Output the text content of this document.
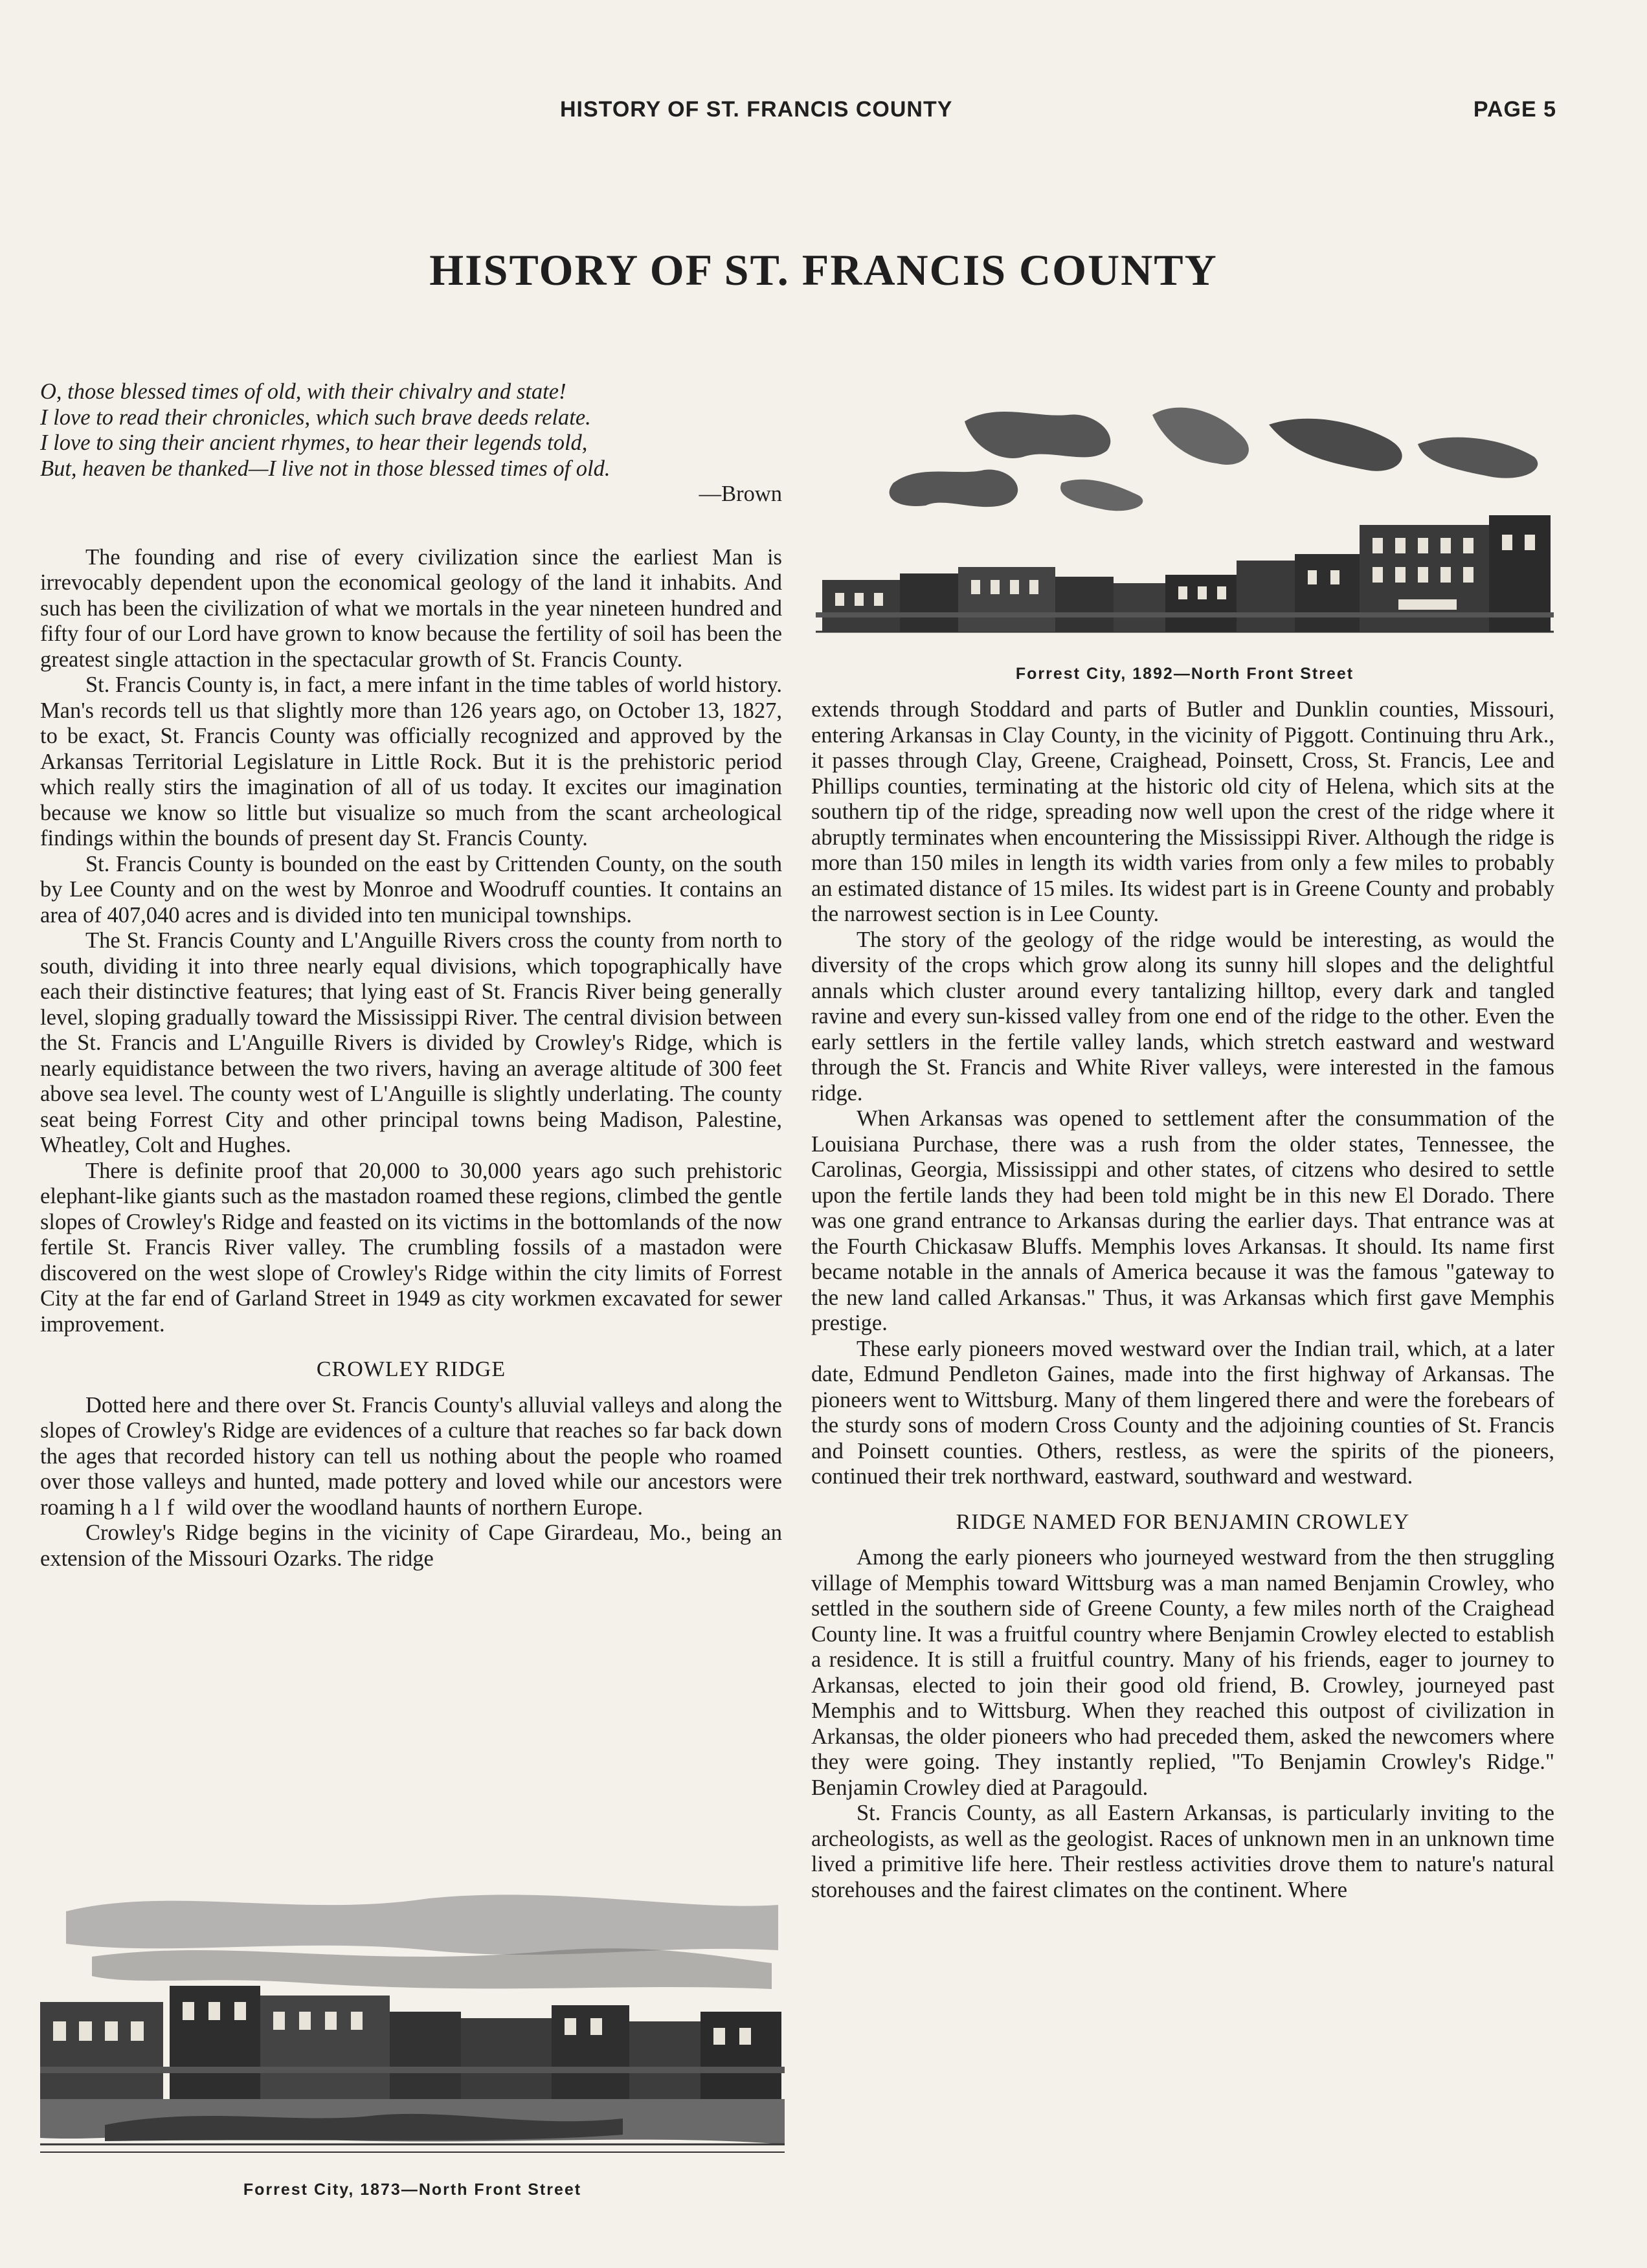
HISTORY OF ST. FRANCIS COUNTY	PAGE 5
HISTORY OF ST. FRANCIS COUNTY
O, those blessed times of old, with their chivalry and state!
I love to read their chronicles, which such brave deeds relate.
I love to sing their ancient rhymes, to hear their legends told,
But, heaven be thanked—I live not in those blessed times of old.
—Brown

The founding and rise of every civilization since the earliest Man is irrevocably dependent upon the economical geology of the land it inhabits. And such has been the civilization of what we mortals in the year nineteen hundred and fifty four of our Lord have grown to know because the fertility of soil has been the greatest single attaction in the spectacular growth of St. Francis County.

St. Francis County is, in fact, a mere infant in the time tables of world history. Man's records tell us that slightly more than 126 years ago, on October 13, 1827, to be exact, St. Francis County was officially recognized and approved by the Arkansas Territorial Legislature in Little Rock. But it is the prehistoric period which really stirs the imagination of all of us today. It excites our imagination because we know so little but visualize so much from the scant archeological findings within the bounds of present day St. Francis County.

St. Francis County is bounded on the east by Crittenden County, on the south by Lee County and on the west by Monroe and Woodruff counties. It contains an area of 407,040 acres and is divided into ten municipal townships.

The St. Francis County and L'Anguille Rivers cross the county from north to south, dividing it into three nearly equal divisions, which topographically have each their distinctive features; that lying east of St. Francis River being generally level, sloping gradually toward the Mississippi River. The central division between the St. Francis and L'Anguille Rivers is divided by Crowley's Ridge, which is nearly equidistance between the two rivers, having an average altitude of 300 feet above sea level. The county west of L'Anguille is slightly underlating. The county seat being Forrest City and other principal towns being Madison, Palestine, Wheatley, Colt and Hughes.

There is definite proof that 20,000 to 30,000 years ago such prehistoric elephant-like giants such as the mastadon roamed these regions, climbed the gentle slopes of Crowley's Ridge and feasted on its victims in the bottomlands of the now fertile St. Francis River valley. The crumbling fossils of a mastadon were discovered on the west slope of Crowley's Ridge within the city limits of Forrest City at the far end of Garland Street in 1949 as city workmen excavated for sewer improvement.

CROWLEY RIDGE

Dotted here and there over St. Francis County's alluvial valleys and along the slopes of Crowley's Ridge are evidences of a culture that reaches so far back down the ages that recorded history can tell us nothing about the people who roamed over those valleys and hunted, made pottery and loved while our ancestors were roaming half wild over the woodland haunts of northern Europe.

Crowley's Ridge begins in the vicinity of Cape Girardeau, Mo., being an extension of the Missouri Ozarks. The ridge

Forrest City, 1892—North Front Street

extends through Stoddard and parts of Butler and Dunklin counties, Missouri, entering Arkansas in Clay County, in the vicinity of Piggott. Continuing thru Ark., it passes through Clay, Greene, Craighead, Poinsett, Cross, St. Francis, Lee and Phillips counties, terminating at the historic old city of Helena, which sits at the southern tip of the ridge, spreading now well upon the crest of the ridge where it abruptly terminates when encountering the Mississippi River. Although the ridge is more than 150 miles in length its width varies from only a few miles to probably an estimated distance of 15 miles. Its widest part is in Greene County and probably the narrowest section is in Lee County.

The story of the geology of the ridge would be interesting, as would the diversity of the crops which grow along its sunny hill slopes and the delightful annals which cluster around every tantalizing hilltop, every dark and tangled ravine and every sun-kissed valley from one end of the ridge to the other. Even the early settlers in the fertile valley lands, which stretch eastward and westward through the St. Francis and White River valleys, were interested in the famous ridge.

When Arkansas was opened to settlement after the consummation of the Louisiana Purchase, there was a rush from the older states, Tennessee, the Carolinas, Georgia, Mississippi and other states, of citzens who desired to settle upon the fertile lands they had been told might be in this new El Dorado. There was one grand entrance to Arkansas during the earlier days. That entrance was at the Fourth Chickasaw Bluffs. Memphis loves Arkansas. It should. Its name first became notable in the annals of America because it was the famous "gateway to the new land called Arkansas." Thus, it was Arkansas which first gave Memphis prestige.

These early pioneers moved westward over the Indian trail, which, at a later date, Edmund Pendleton Gaines, made into the first highway of Arkansas. The pioneers went to Wittsburg. Many of them lingered there and were the forebears of the sturdy sons of modern Cross County and the adjoining counties of St. Francis and Poinsett counties. Others, restless, as were the spirits of the pioneers, continued their trek northward, eastward, southward and westward.

RIDGE NAMED FOR BENJAMIN CROWLEY

Among the early pioneers who journeyed westward from the then struggling village of Memphis toward Wittsburg was a man named Benjamin Crowley, who settled in the southern side of Greene County, a few miles north of the Craighead County line. It was a fruitful country where Benjamin Crowley elected to establish a residence. It is still a fruitful country. Many of his friends, eager to journey to Arkansas, elected to join their good old friend, B. Crowley, journeyed past Memphis and to Wittsburg. When they reached this outpost of civilization in Arkansas, the older pioneers who had preceded them, asked the newcomers where they were going. They instantly replied, "To Benjamin Crowley's Ridge." Benjamin Crowley died at Paragould.

St. Francis County, as all Eastern Arkansas, is particularly inviting to the archeologists, as well as the geologist. Races of unknown men in an unknown time lived a primitive life here. Their restless activities drove them to nature's natural storehouses and the fairest climates on the continent. Where

Forrest City, 1873—North Front Street
